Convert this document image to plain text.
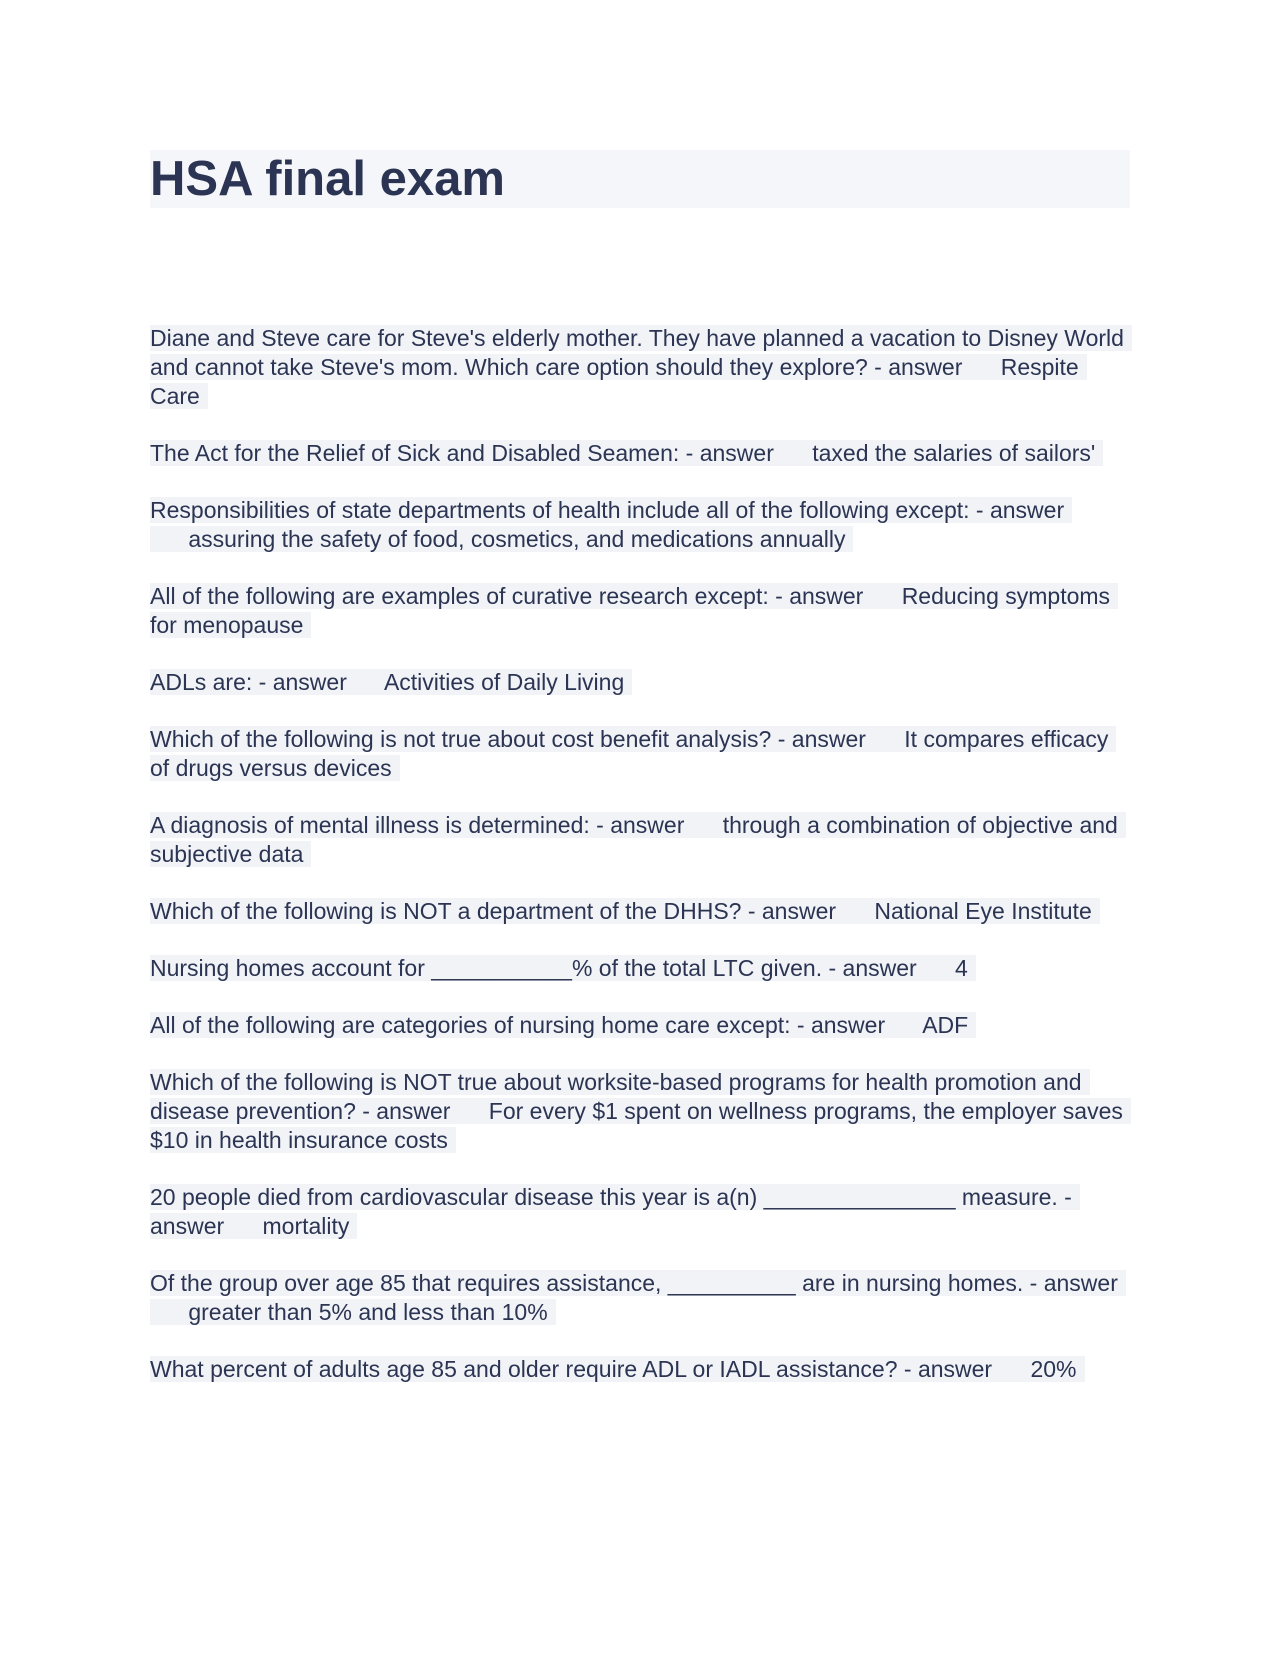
HSA final exam

Diane and Steve care for Steve's elderly mother. They have planned a vacation to Disney World and cannot take Steve's mom. Which care option should they explore? - answer Respite Care

The Act for the Relief of Sick and Disabled Seamen: - answer taxed the salaries of sailors'

Responsibilities of state departments of health include all of the following except: - answer      assuring the safety of food, cosmetics, and medications annually

All of the following are examples of curative research except: - answer Reducing symptoms for menopause

ADLs are: - answer Activities of Daily Living

Which of the following is not true about cost benefit analysis? - answer It compares efficacy of drugs versus devices

A diagnosis of mental illness is determined: - answer through a combination of objective and subjective data

Which of the following is NOT a department of the DHHS? - answer National Eye Institute

Nursing homes account for ___________% of the total LTC given. - answer 4

All of the following are categories of nursing home care except: - answer ADF

Which of the following is NOT true about worksite-based programs for health promotion and disease prevention? - answer For every $1 spent on wellness programs, the employer saves $10 in health insurance costs

20 people died from cardiovascular disease this year is a(n) _______________ measure. - answer mortality

Of the group over age 85 that requires assistance, __________ are in nursing homes. - answer      greater than 5% and less than 10%

What percent of adults age 85 and older require ADL or IADL assistance? - answer 20%
